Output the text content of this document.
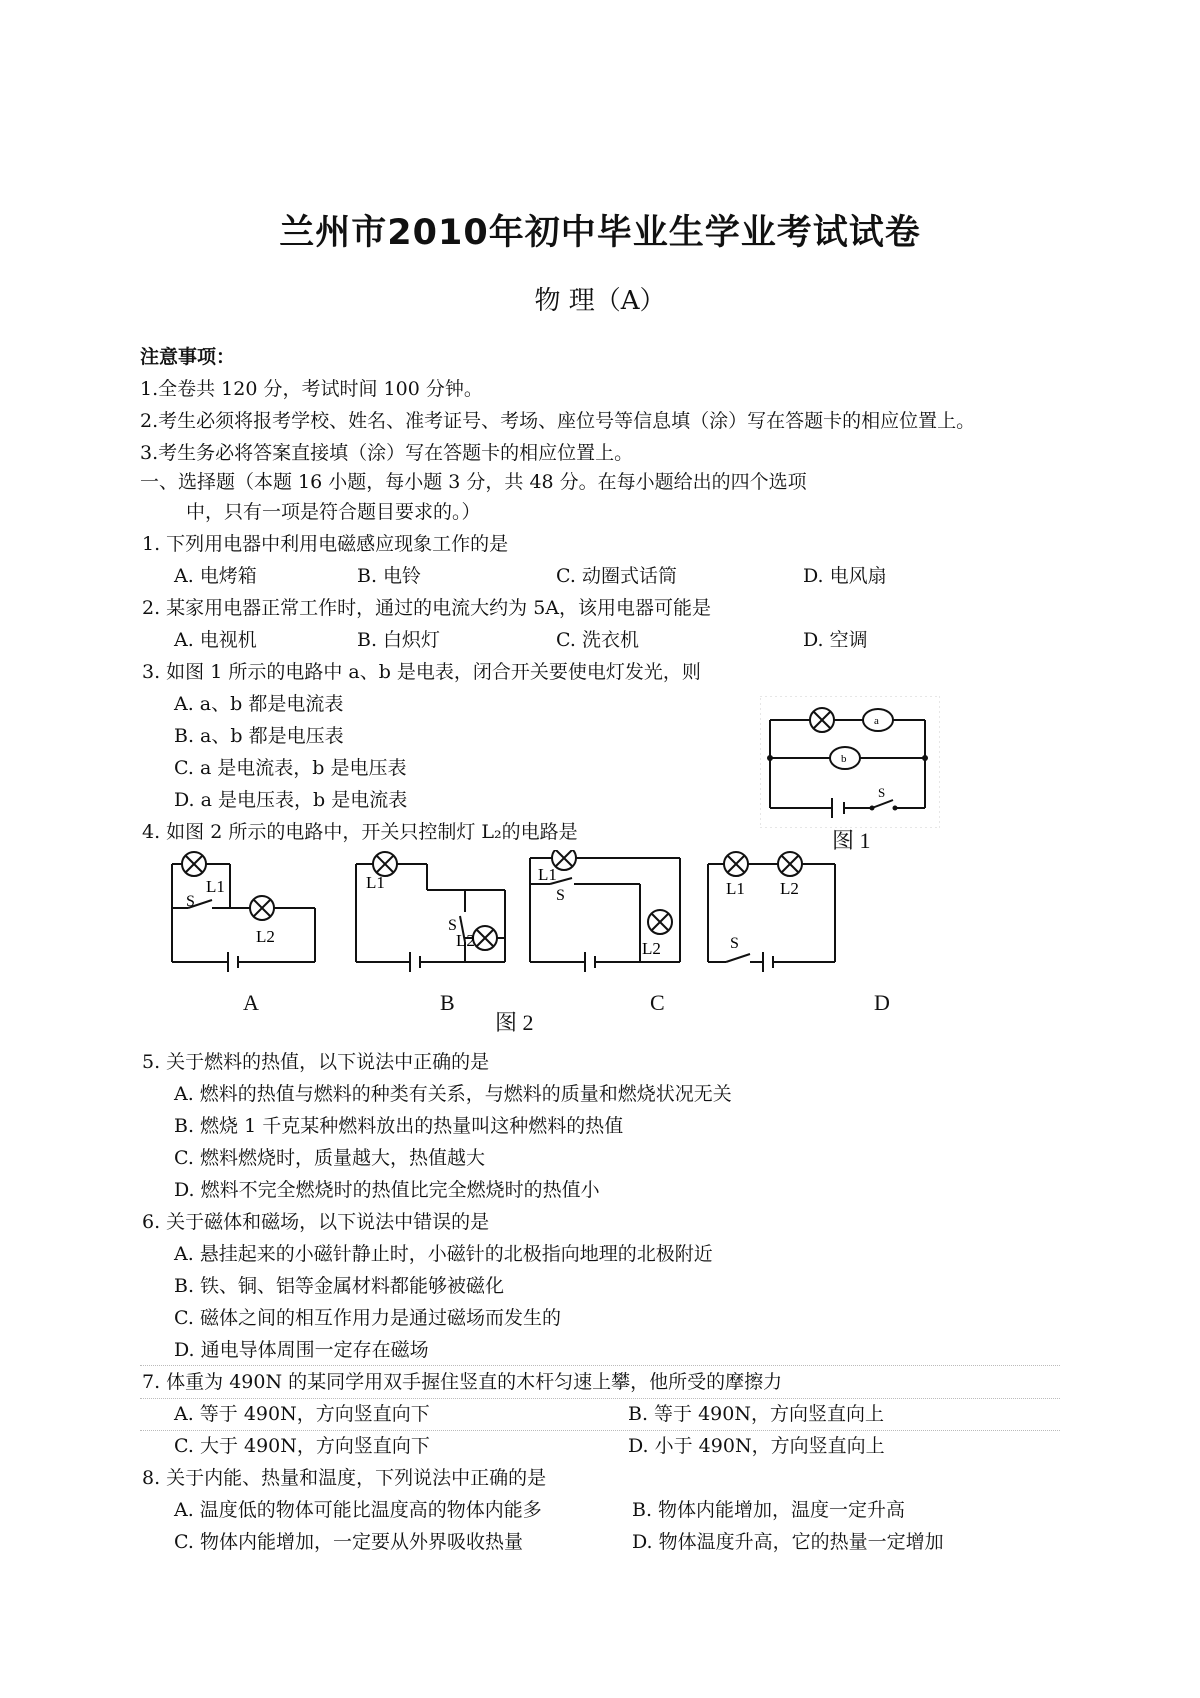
兰州市2010年初中毕业生学业考试试卷
物 理（A）
注意事项：
1.全卷共 120 分，考试时间 100 分钟。
2.考生必须将报考学校、姓名、准考证号、考场、座位号等信息填（涂）写在答题卡的相应位置上。
3.考生务必将答案直接填（涂）写在答题卡的相应位置上。
一、选择题（本题 16 小题，每小题 3 分，共 48 分。在每小题给出的四个选项
中，只有一项是符合题目要求的。）
1. 下列用电器中利用电磁感应现象工作的是
A. 电烤箱	B. 电铃	C. 动圈式话筒	D. 电风扇
2. 某家用电器正常工作时，通过的电流大约为 5A，该用电器可能是
A. 电视机	B. 白炽灯	C. 洗衣机	D. 空调
3. 如图 1 所示的电路中 a、b 是电表，闭合开关要使电灯发光，则
A. a、b 都是电流表
B. a、b 都是电压表
C. a 是电流表，b 是电压表
D. a 是电压表，b 是电流表
a
b
S
图 1
4. 如图 2 所示的电路中，开关只控制灯 L₂的电路是
S
L1
L2
L1
S
L2
L1
S
L2
L1 L2
S
A	B	C	D
图 2
5. 关于燃料的热值，以下说法中正确的是
A. 燃料的热值与燃料的种类有关系，与燃料的质量和燃烧状况无关
B. 燃烧 1 千克某种燃料放出的热量叫这种燃料的热值
C. 燃料燃烧时，质量越大，热值越大
D. 燃料不完全燃烧时的热值比完全燃烧时的热值小
6. 关于磁体和磁场，以下说法中错误的是
A. 悬挂起来的小磁针静止时，小磁针的北极指向地理的北极附近
B. 铁、铜、铝等金属材料都能够被磁化
C. 磁体之间的相互作用力是通过磁场而发生的
D. 通电导体周围一定存在磁场
7. 体重为 490N 的某同学用双手握住竖直的木杆匀速上攀，他所受的摩擦力
A. 等于 490N，方向竖直向下	B. 等于 490N，方向竖直向上
C. 大于 490N，方向竖直向下	D. 小于 490N，方向竖直向上
8. 关于内能、热量和温度，下列说法中正确的是
A. 温度低的物体可能比温度高的物体内能多	B. 物体内能增加，温度一定升高
C. 物体内能增加，一定要从外界吸收热量	D. 物体温度升高，它的热量一定增加
